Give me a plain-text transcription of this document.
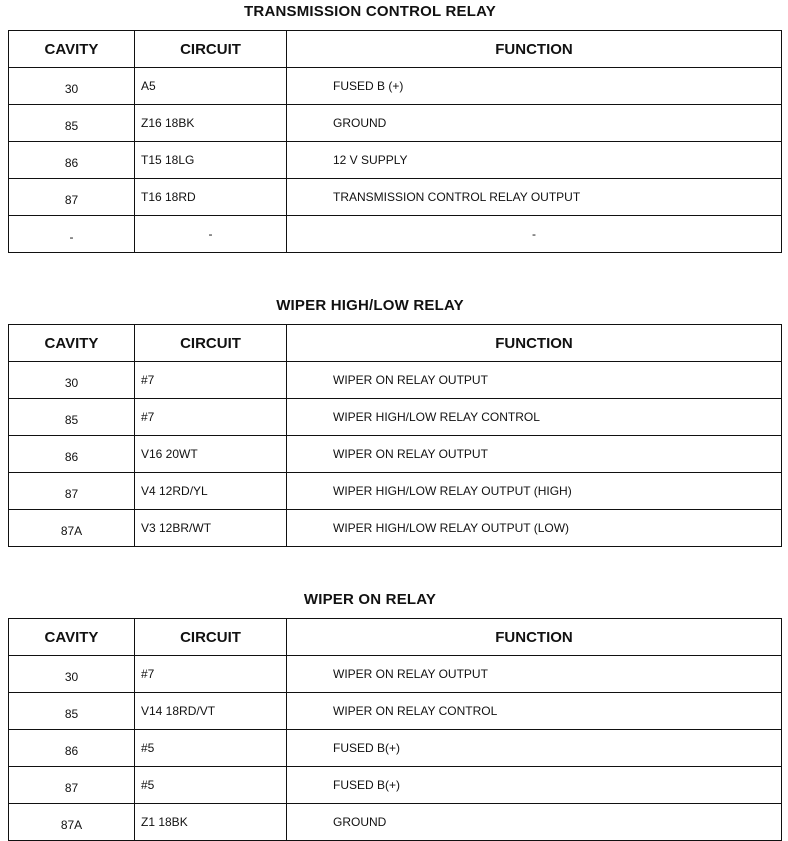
TRANSMISSION CONTROL RELAY
CAVITY	CIRCUIT	FUNCTION
30	A5	FUSED B (+)
85	Z16 18BK	GROUND
86	T15 18LG	12 V SUPPLY
87	T16 18RD	TRANSMISSION CONTROL RELAY OUTPUT
-	-	-
WIPER HIGH/LOW RELAY
CAVITY	CIRCUIT	FUNCTION
30	#7	WIPER ON RELAY OUTPUT
85	#7	WIPER HIGH/LOW RELAY CONTROL
86	V16 20WT	WIPER ON RELAY OUTPUT
87	V4 12RD/YL	WIPER HIGH/LOW RELAY OUTPUT (HIGH)
87A	V3 12BR/WT	WIPER HIGH/LOW RELAY OUTPUT (LOW)
WIPER ON RELAY
CAVITY	CIRCUIT	FUNCTION
30	#7	WIPER ON RELAY OUTPUT
85	V14 18RD/VT	WIPER ON RELAY CONTROL
86	#5	FUSED B(+)
87	#5	FUSED B(+)
87A	Z1 18BK	GROUND
